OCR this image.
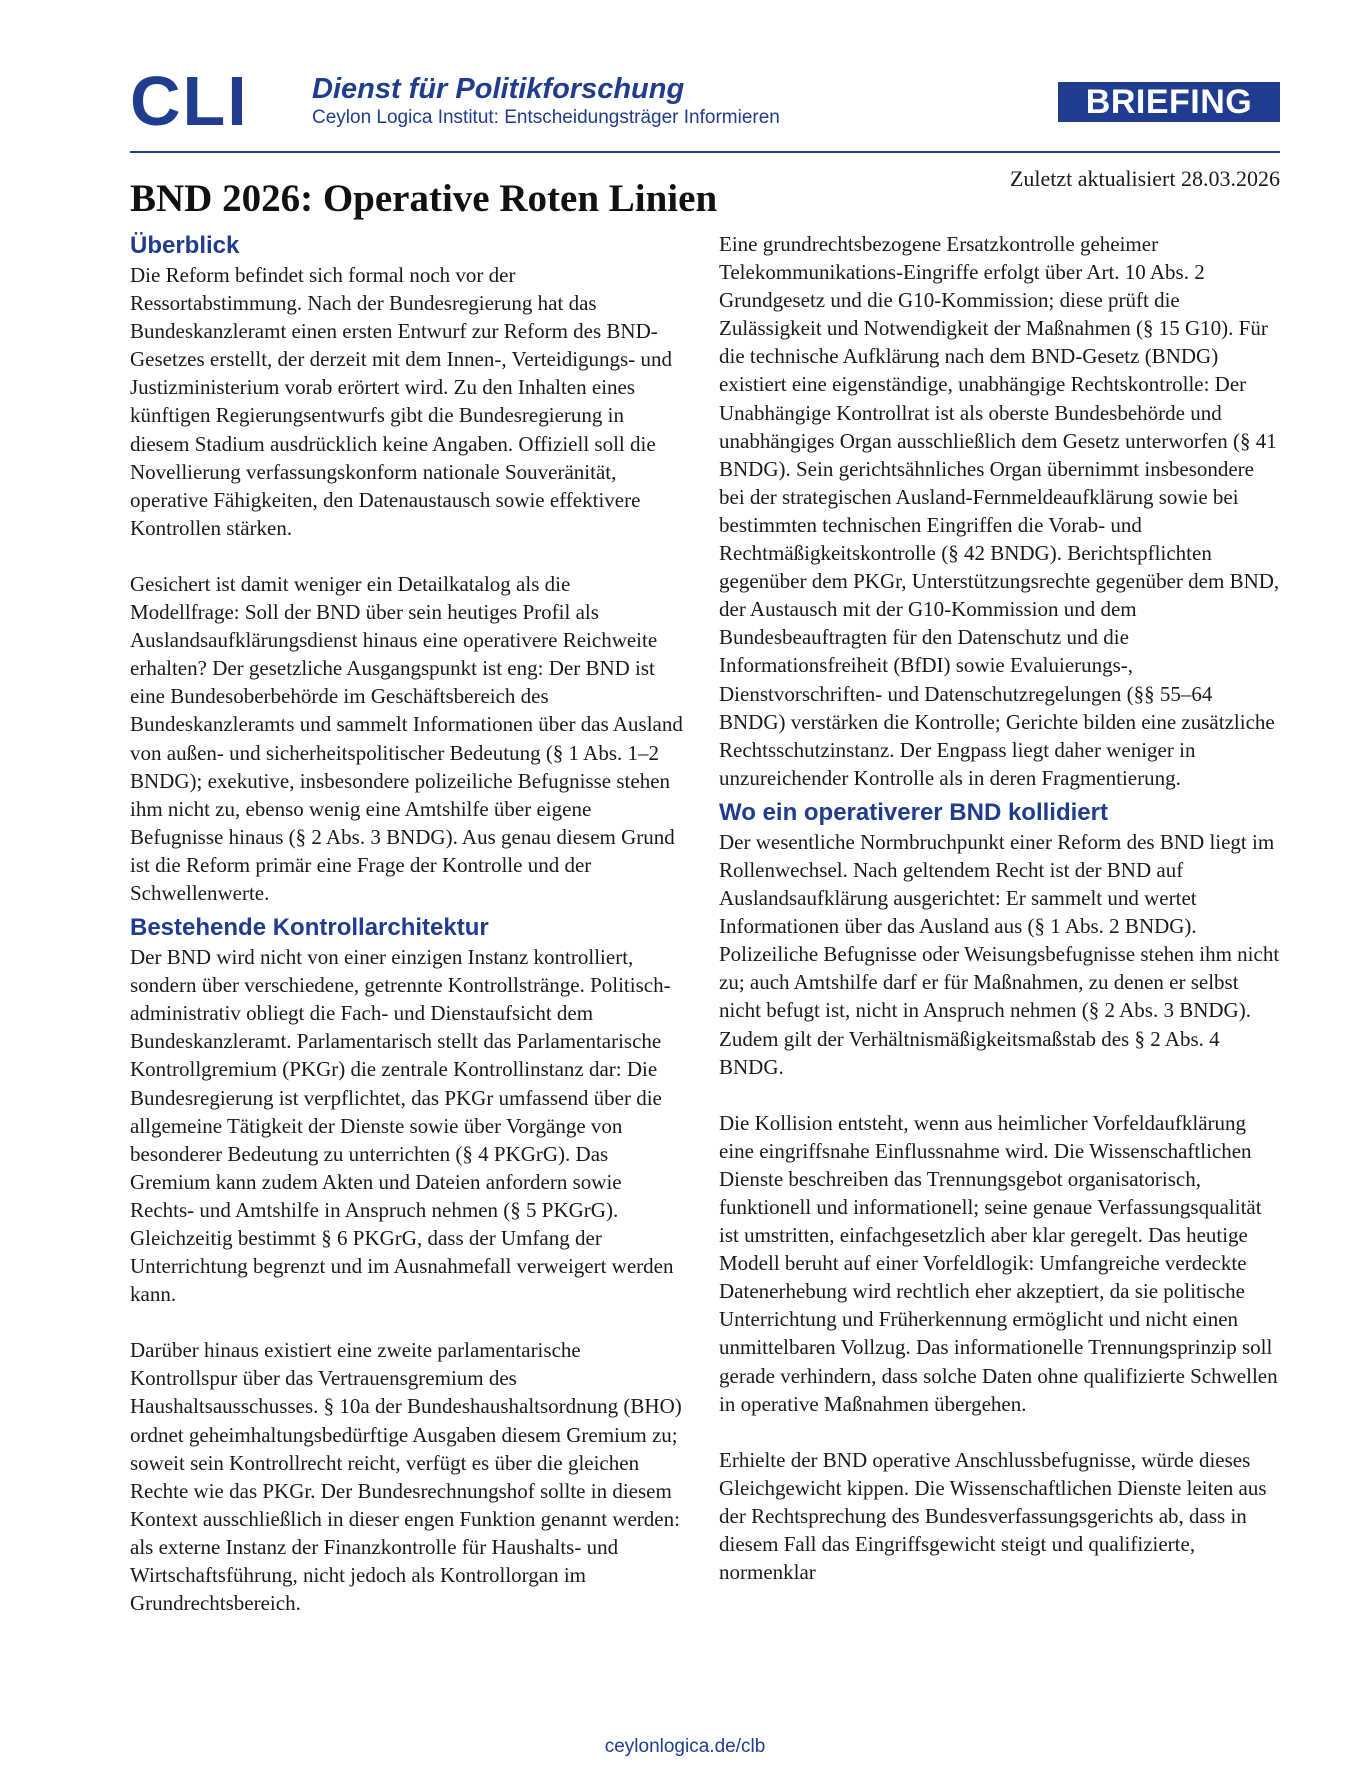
CLI Dienst für Politikforschung

Ceylon Logica Institut: Entscheidungsträger Informieren	BRIEFING
Zuletzt aktualisiert 28.03.2026
BND 2026: Operative Roten Linien
Überblick

Die Reform befindet sich formal noch vor der Ressortabstimmung. Nach der Bundesregierung hat das Bundeskanzleramt einen ersten Entwurf zur Reform des BND-Gesetzes erstellt, der derzeit mit dem Innen-, Verteidigungs- und Justizministerium vorab erörtert wird. Zu den Inhalten eines künftigen Regierungsentwurfs gibt die Bundesregierung in diesem Stadium ausdrücklich keine Angaben. Offiziell soll die Novellierung verfassungskonform nationale Souveränität, operative Fähigkeiten, den Datenaustausch sowie effektivere Kontrollen stärken.

Gesichert ist damit weniger ein Detailkatalog als die Modellfrage: Soll der BND über sein heutiges Profil als Auslandsaufklärungsdienst hinaus eine operativere Reichweite erhalten? Der gesetzliche Ausgangspunkt ist eng: Der BND ist eine Bundesoberbehörde im Geschäftsbereich des Bundeskanzleramts und sammelt Informationen über das Ausland von außen- und sicherheitspolitischer Bedeutung (§ 1 Abs. 1–2 BNDG); exekutive, insbesondere polizeiliche Befugnisse stehen ihm nicht zu, ebenso wenig eine Amtshilfe über eigene Befugnisse hinaus (§ 2 Abs. 3 BNDG). Aus genau diesem Grund ist die Reform primär eine Frage der Kontrolle und der Schwellenwerte.

Bestehende Kontrollarchitektur

Der BND wird nicht von einer einzigen Instanz kontrolliert, sondern über verschiedene, getrennte Kontrollstränge. Politisch-administrativ obliegt die Fach- und Dienstaufsicht dem Bundeskanzleramt. Parlamentarisch stellt das Parlamentarische Kontrollgremium (PKGr) die zentrale Kontrollinstanz dar: Die Bundesregierung ist verpflichtet, das PKGr umfassend über die allgemeine Tätigkeit der Dienste sowie über Vorgänge von besonderer Bedeutung zu unterrichten (§ 4 PKGrG). Das Gremium kann zudem Akten und Dateien anfordern sowie Rechts- und Amtshilfe in Anspruch nehmen (§ 5 PKGrG). Gleichzeitig bestimmt § 6 PKGrG, dass der Umfang der Unterrichtung begrenzt und im Ausnahmefall verweigert werden kann.

Darüber hinaus existiert eine zweite parlamentarische Kontrollspur über das Vertrauensgremium des Haushaltsausschusses. § 10a der Bundeshaushaltsordnung (BHO) ordnet geheimhaltungsbedürftige Ausgaben diesem Gremium zu; soweit sein Kontrollrecht reicht, verfügt es über die gleichen Rechte wie das PKGr. Der Bundesrechnungshof sollte in diesem Kontext ausschließlich in dieser engen Funktion genannt werden: als externe Instanz der Finanzkontrolle für Haushalts- und Wirtschaftsführung, nicht jedoch als Kontrollorgan im Grundrechtsbereich.

Eine grundrechtsbezogene Ersatzkontrolle geheimer Telekommunikations-Eingriffe erfolgt über Art. 10 Abs. 2 Grundgesetz und die G10-Kommission; diese prüft die Zulässigkeit und Notwendigkeit der Maßnahmen (§ 15 G10). Für die technische Aufklärung nach dem BND-Gesetz (BNDG) existiert eine eigenständige, unabhängige Rechtskontrolle: Der Unabhängige Kontrollrat ist als oberste Bundesbehörde und unabhängiges Organ ausschließlich dem Gesetz unterworfen (§ 41 BNDG). Sein gerichtsähnliches Organ übernimmt insbesondere bei der strategischen Ausland-Fernmeldeaufklärung sowie bei bestimmten technischen Eingriffen die Vorab- und Rechtmäßigkeitskontrolle (§ 42 BNDG). Berichtspflichten gegenüber dem PKGr, Unterstützungsrechte gegenüber dem BND, der Austausch mit der G10-Kommission und dem Bundesbeauftragten für den Datenschutz und die Informationsfreiheit (BfDI) sowie Evaluierungs-, Dienstvorschriften- und Datenschutzregelungen (§§ 55–64 BNDG) verstärken die Kontrolle; Gerichte bilden eine zusätzliche Rechtsschutzinstanz. Der Engpass liegt daher weniger in unzureichender Kontrolle als in deren Fragmentierung.

Wo ein operativerer BND kollidiert

Der wesentliche Normbruchpunkt einer Reform des BND liegt im Rollenwechsel. Nach geltendem Recht ist der BND auf Auslandsaufklärung ausgerichtet: Er sammelt und wertet Informationen über das Ausland aus (§ 1 Abs. 2 BNDG). Polizeiliche Befugnisse oder Weisungsbefugnisse stehen ihm nicht zu; auch Amtshilfe darf er für Maßnahmen, zu denen er selbst nicht befugt ist, nicht in Anspruch nehmen (§ 2 Abs. 3 BNDG). Zudem gilt der Verhältnismäßigkeitsmaßstab des § 2 Abs. 4 BNDG.

Die Kollision entsteht, wenn aus heimlicher Vorfeldaufklärung eine eingriffsnahe Einflussnahme wird. Die Wissenschaftlichen Dienste beschreiben das Trennungsgebot organisatorisch, funktionell und informationell; seine genaue Verfassungsqualität ist umstritten, einfachgesetzlich aber klar geregelt. Das heutige Modell beruht auf einer Vorfeldlogik: Umfangreiche verdeckte Datenerhebung wird rechtlich eher akzeptiert, da sie politische Unterrichtung und Früherkennung ermöglicht und nicht einen unmittelbaren Vollzug. Das informationelle Trennungsprinzip soll gerade verhindern, dass solche Daten ohne qualifizierte Schwellen in operative Maßnahmen übergehen.

Erhielte der BND operative Anschlussbefugnisse, würde dieses Gleichgewicht kippen. Die Wissenschaftlichen Dienste leiten aus der Rechtsprechung des Bundesverfassungsgerichts ab, dass in diesem Fall das Eingriffsgewicht steigt und qualifizierte, normenklar

ceylonlogica.de/clb
